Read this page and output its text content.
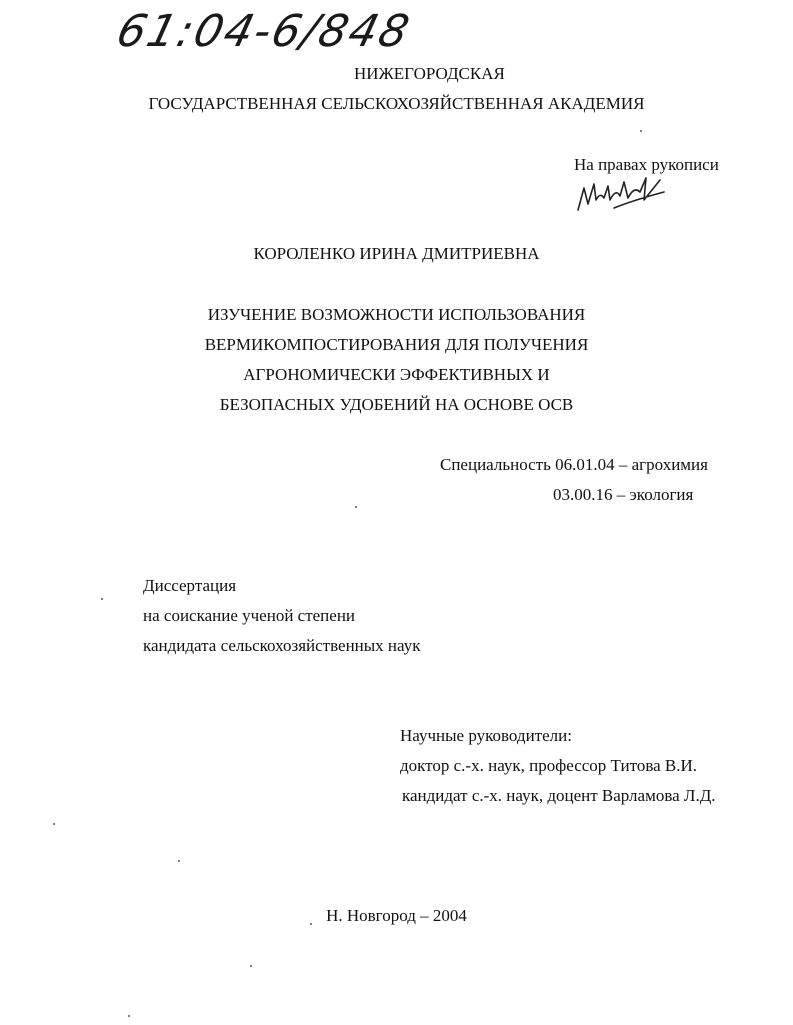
61:04-6/848
НИЖЕГОРОДСКАЯ
ГОСУДАРСТВЕННАЯ СЕЛЬСКОХОЗЯЙСТВЕННАЯ АКАДЕМИЯ
На правах рукописи
КОРОЛЕНКО ИРИНА ДМИТРИЕВНА
ИЗУЧЕНИЕ ВОЗМОЖНОСТИ ИСПОЛЬЗОВАНИЯ
ВЕРМИКОМПОСТИРОВАНИЯ ДЛЯ ПОЛУЧЕНИЯ
АГРОНОМИЧЕСКИ ЭФФЕКТИВНЫХ И
БЕЗОПАСНЫХ УДОБЕНИЙ НА ОСНОВЕ ОСВ
Специальность 06.01.04 – агрохимия
03.00.16 – экология
Диссертация
на соискание ученой степени
кандидата сельскохозяйственных наук
Научные руководители:
доктор с.-х. наук, профессор Титова В.И.
кандидат с.-х. наук, доцент Варламова Л.Д.
Н. Новгород – 2004
